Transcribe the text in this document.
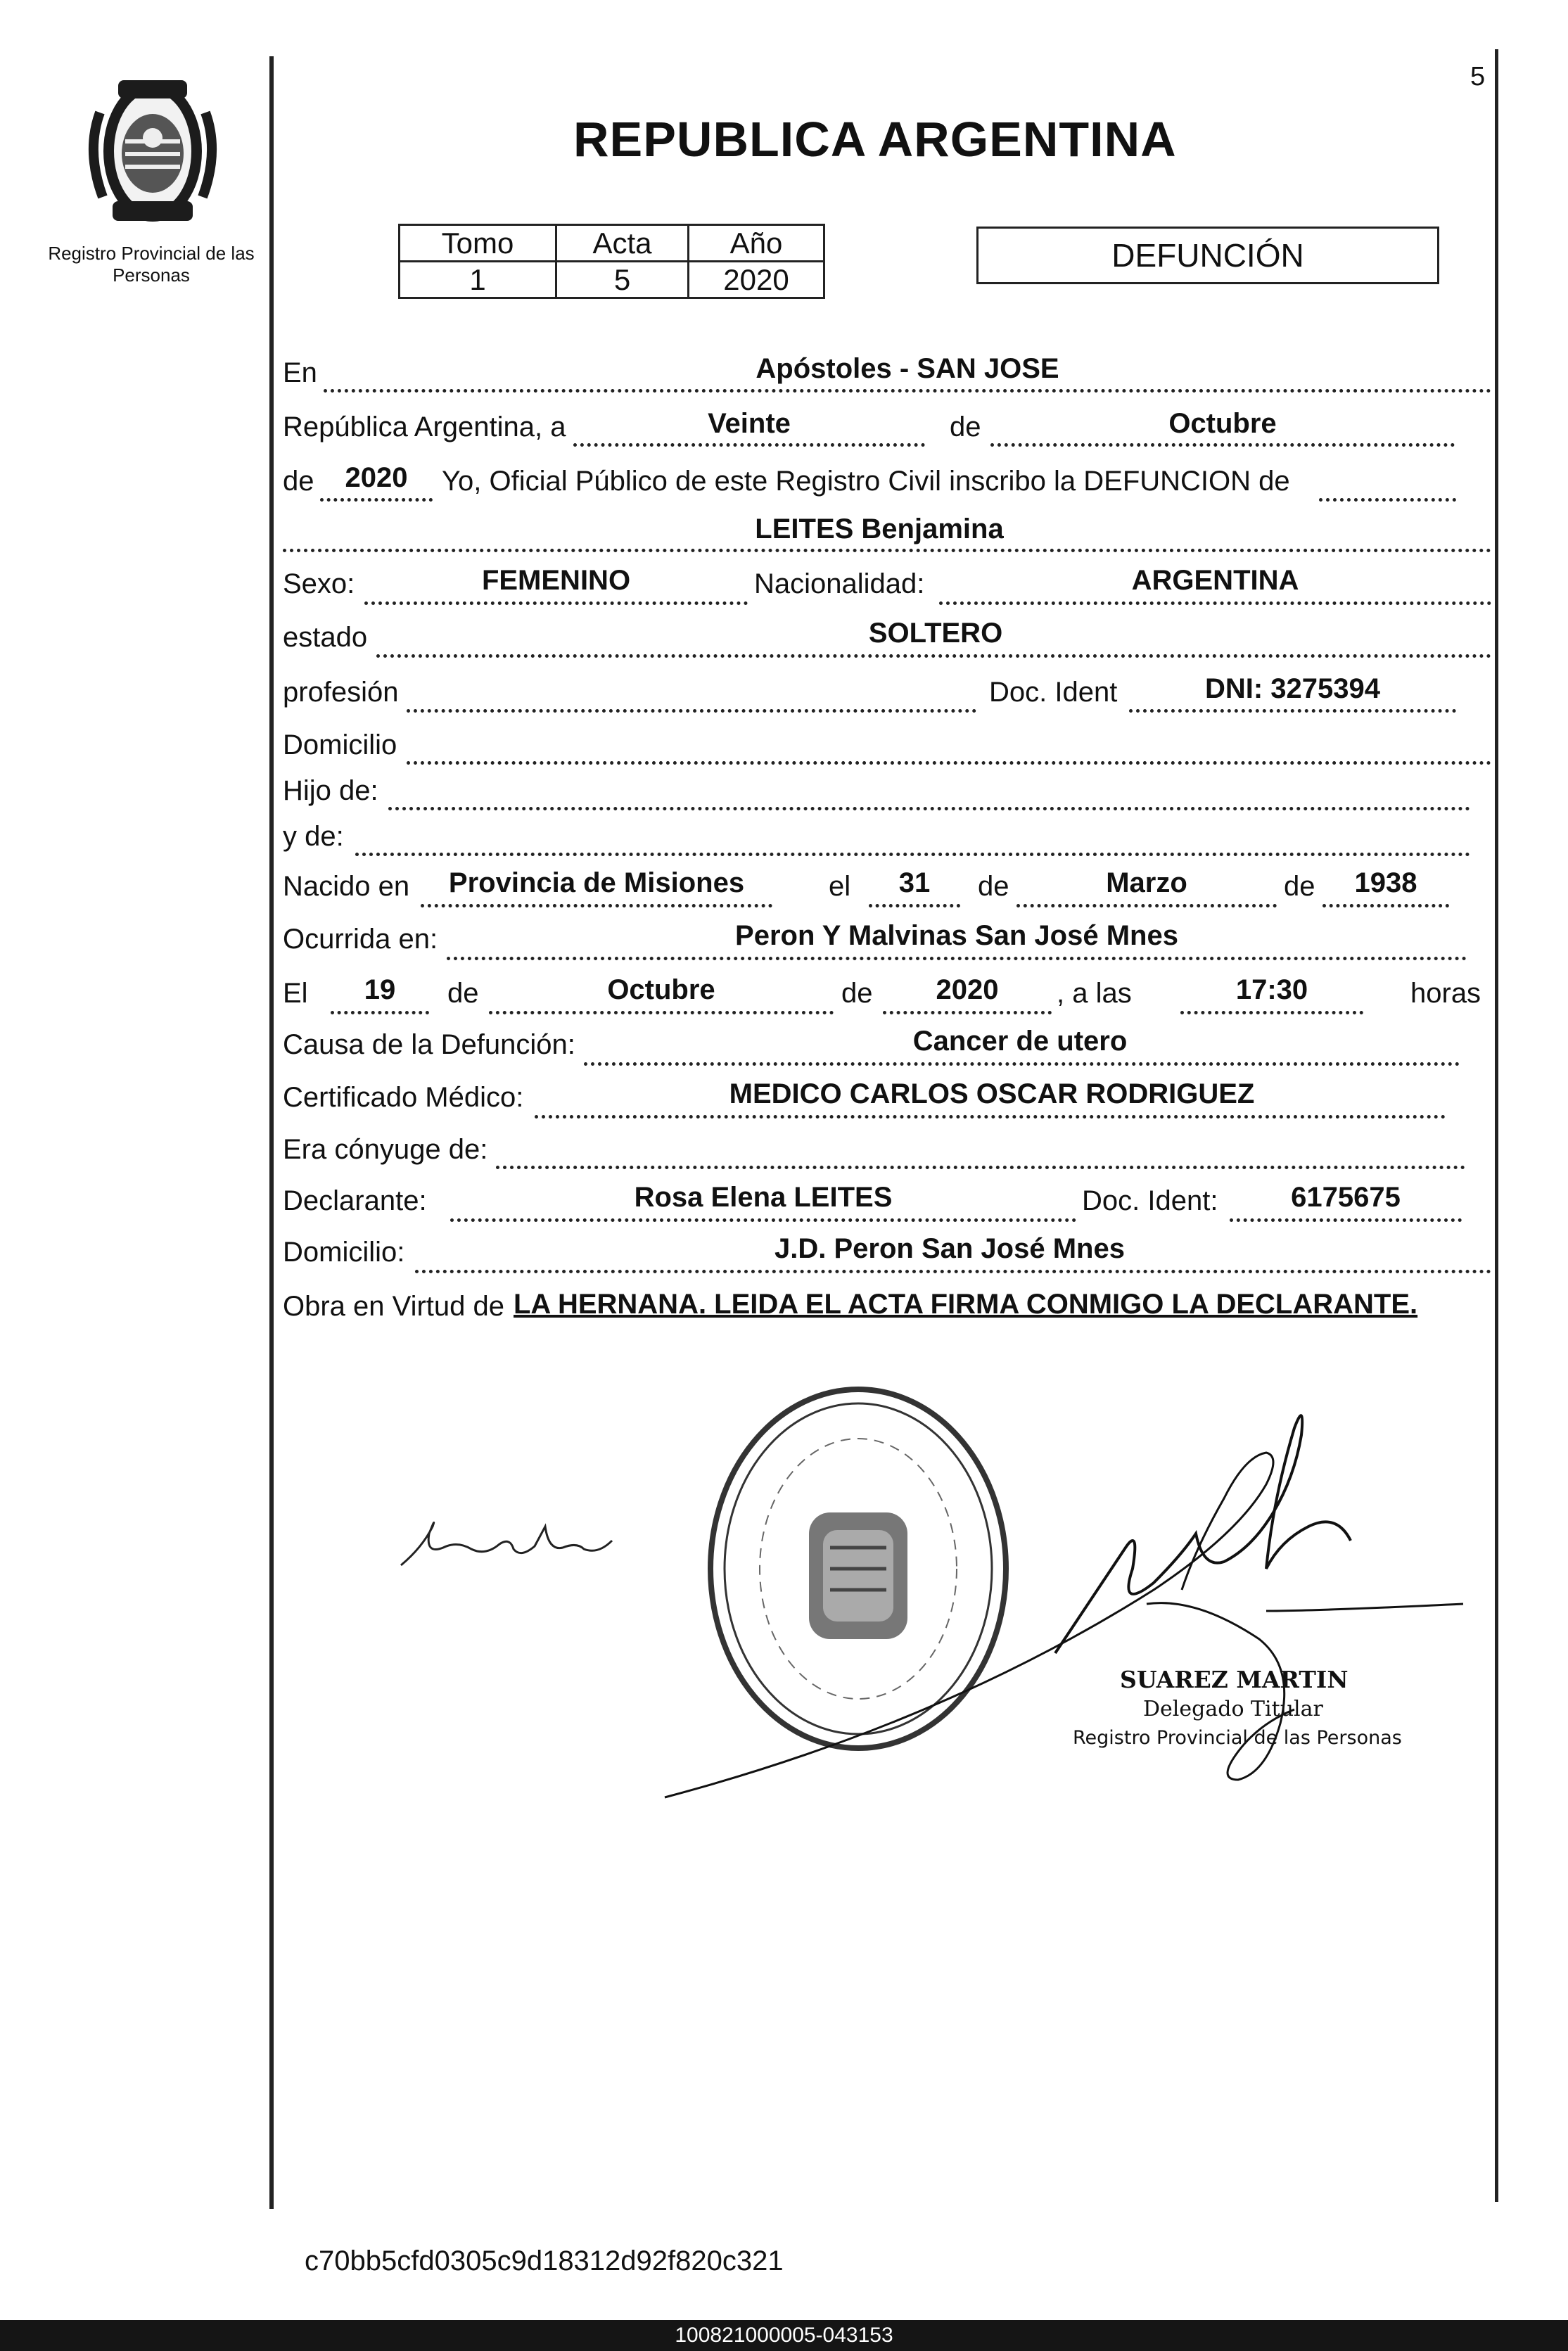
Registro Provincial de las Personas
5
REPUBLICA ARGENTINA
Tomo	Acta	Año
1	5	2020
DEFUNCIÓN
En	Apóstoles - SAN JOSE
República Argentina, a	Veinte	de	Octubre
de	2020	Yo, Oficial Público de este Registro Civil inscribo la DEFUNCION de
LEITES Benjamina
Sexo:	FEMENINO	Nacionalidad:	ARGENTINA
estado	SOLTERO
profesión	Doc. Ident	DNI: 3275394
Domicilio
Hijo de:
y de:
Nacido en	Provincia de Misiones	el	31	de	Marzo	de	1938
Ocurrida en:	Peron Y Malvinas San José Mnes
El	19	de	Octubre	de	2020	, a las	17:30	horas
Causa de la Defunción:	Cancer de utero
Certificado Médico:	MEDICO CARLOS OSCAR RODRIGUEZ
Era cónyuge de:
Declarante:	Rosa Elena LEITES	Doc. Ident:	6175675
Domicilio:	J.D. Peron San José Mnes
Obra en Virtud de LA HERNANA. LEIDA EL ACTA FIRMA CONMIGO LA DECLARANTE.
SUAREZ MARTIN
Delegado Titular
Registro Provincial de las Personas
c70bb5cfd0305c9d18312d92f820c321
100821000005-043153
